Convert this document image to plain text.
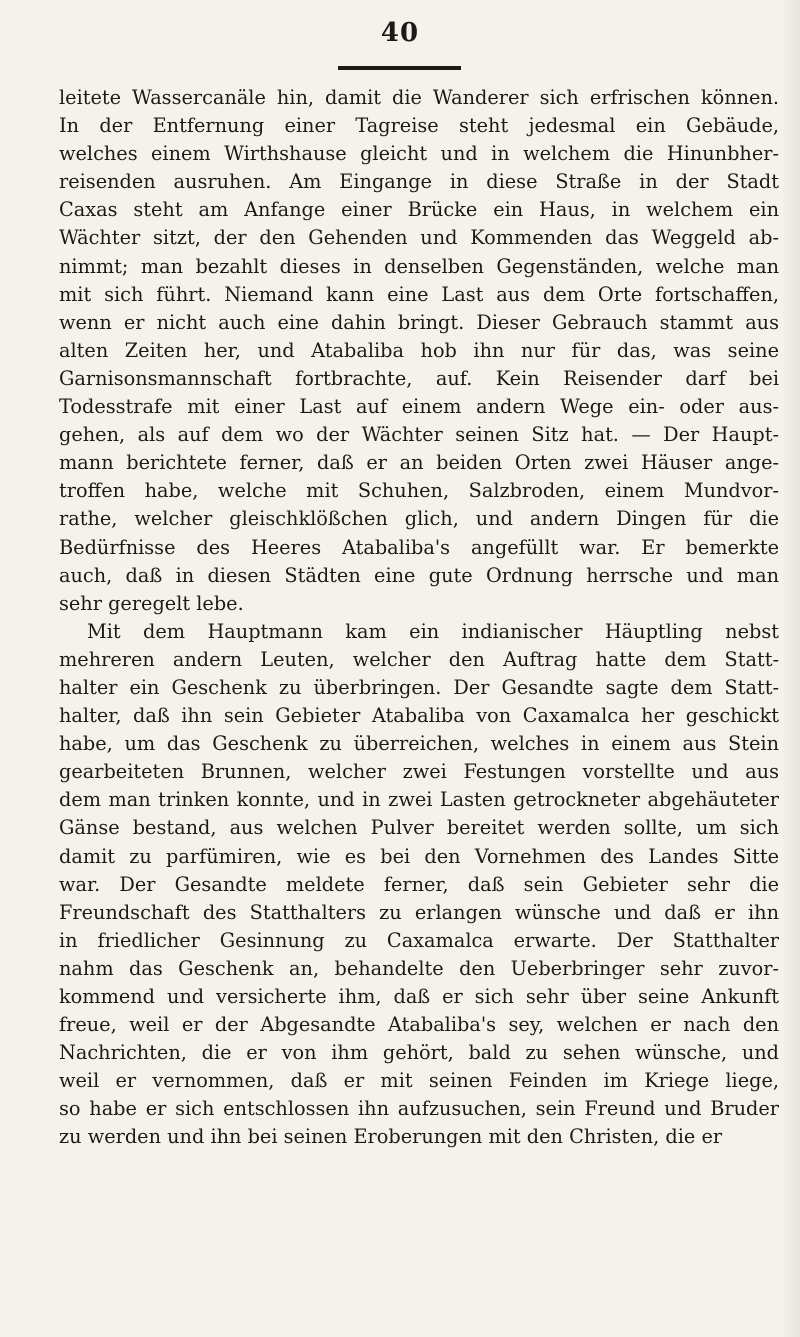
40

leitete Wassercanäle hin, damit die Wanderer sich erfrischen können.
In der Entfernung einer Tagreise steht jedesmal ein Gebäude,
welches einem Wirthshause gleicht und in welchem die Hinunbher-
reisenden ausruhen. Am Eingange in diese Straße in der Stadt
Caxas steht am Anfange einer Brücke ein Haus, in welchem ein
Wächter sitzt, der den Gehenden und Kommenden das Weggeld ab-
nimmt; man bezahlt dieses in denselben Gegenständen, welche man
mit sich führt. Niemand kann eine Last aus dem Orte fortschaffen,
wenn er nicht auch eine dahin bringt. Dieser Gebrauch stammt aus
alten Zeiten her, und Atabaliba hob ihn nur für das, was seine
Garnisonsmannschaft fortbrachte, auf. Kein Reisender darf bei
Todesstrafe mit einer Last auf einem andern Wege ein- oder aus-
gehen, als auf dem wo der Wächter seinen Sitz hat. — Der Haupt-
mann berichtete ferner, daß er an beiden Orten zwei Häuser ange-
troffen habe, welche mit Schuhen, Salzbroden, einem Mundvor-
rathe, welcher gleischklößchen glich, und andern Dingen für die
Bedürfnisse des Heeres Atabaliba's angefüllt war. Er bemerkte
auch, daß in diesen Städten eine gute Ordnung herrsche und man
sehr geregelt lebe.

Mit dem Hauptmann kam ein indianischer Häuptling nebst
mehreren andern Leuten, welcher den Auftrag hatte dem Statt-
halter ein Geschenk zu überbringen. Der Gesandte sagte dem Statt-
halter, daß ihn sein Gebieter Atabaliba von Caxamalca her geschickt
habe, um das Geschenk zu überreichen, welches in einem aus Stein
gearbeiteten Brunnen, welcher zwei Festungen vorstellte und aus
dem man trinken konnte, und in zwei Lasten getrockneter abgehäuteter
Gänse bestand, aus welchen Pulver bereitet werden sollte, um sich
damit zu parfümiren, wie es bei den Vornehmen des Landes Sitte
war. Der Gesandte meldete ferner, daß sein Gebieter sehr die
Freundschaft des Statthalters zu erlangen wünsche und daß er ihn
in friedlicher Gesinnung zu Caxamalca erwarte. Der Statthalter
nahm das Geschenk an, behandelte den Ueberbringer sehr zuvor-
kommend und versicherte ihm, daß er sich sehr über seine Ankunft
freue, weil er der Abgesandte Atabaliba's sey, welchen er nach den
Nachrichten, die er von ihm gehört, bald zu sehen wünsche, und
weil er vernommen, daß er mit seinen Feinden im Kriege liege,
so habe er sich entschlossen ihn aufzusuchen, sein Freund und Bruder
zu werden und ihn bei seinen Eroberungen mit den Christen, die er
